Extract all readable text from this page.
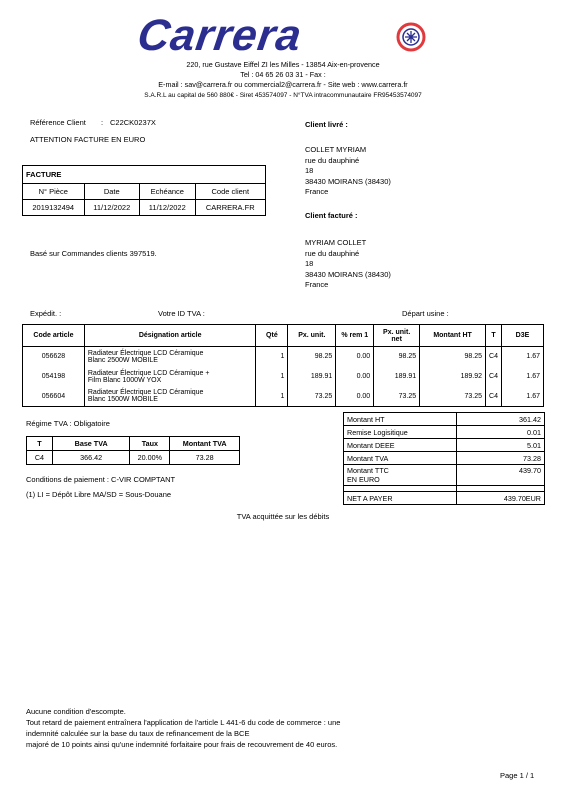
Carrera
220, rue Gustave Eiffel ZI les Milles - 13854 Aix-en-provence
Tel : 04 65 26 03 31 - Fax :
E-mail : sav@carrera.fr ou commercial2@carrera.fr - Site web : www.carrera.fr
S.A.R.L au capital de 560 880€ - Siret 453574097 - N°TVA intracommunautaire FR95453574097
Référence Client : C22CK0237X
ATTENTION FACTURE EN EURO
Client livré :
COLLET MYRIAM
rue du dauphiné
18
38430 MOIRANS (38430)
France
Client facturé :
MYRIAM COLLET
rue du dauphiné
18
38430 MOIRANS (38430)
France
FACTURE			
N° Pièce	Date	Echéance	Code client
2019132494	11/12/2022	11/12/2022	CARRERA.FR
Basé sur Commandes clients 397519.
Expédit. :	Votre ID TVA :	Départ usine :
Code article	Désignation article	Qté	Px. unit.	% rem 1	Px. unit. net	Montant HT	T	D3E
056628	Radiateur Électrique LCD Céramique
Blanc 2500W MOBILE	1	98.25	0.00	98.25	98.25	C4	1.67
054198	Radiateur Électrique LCD Céramique +
Film Blanc 1000W YOX	1	189.91	0.00	189.91	189.92	C4	1.67
056604	Radiateur Électrique LCD Céramique
Blanc 1500W MOBILE	1	73.25	0.00	73.25	73.25	C4	1.67
Montant HT	361.42
Remise Logisitique	0.01
Montant DEEE	5.01
Montant TVA	73.28

Montant TTC
EN EURO	439.70

NET A PAYER	439.70EUR
Régime TVA : Obligatoire
T	Base TVA	Taux	Montant TVA
C4	366.42	20.00%	73.28
Conditions de paiement : C-VIR COMPTANT
(1) LI = Dépôt Libre MA/SD = Sous-Douane
TVA acquittée sur les débits
Aucune condition d'escompte.
Tout retard de paiement entraînera l'application de l'article L 441-6 du code de commerce : une
indemnité calculée sur la base du taux de refinancement de la BCE
majoré de 10 points ainsi qu'une indemnité forfaitaire pour frais de recouvrement de 40 euros.
Page 1 / 1
